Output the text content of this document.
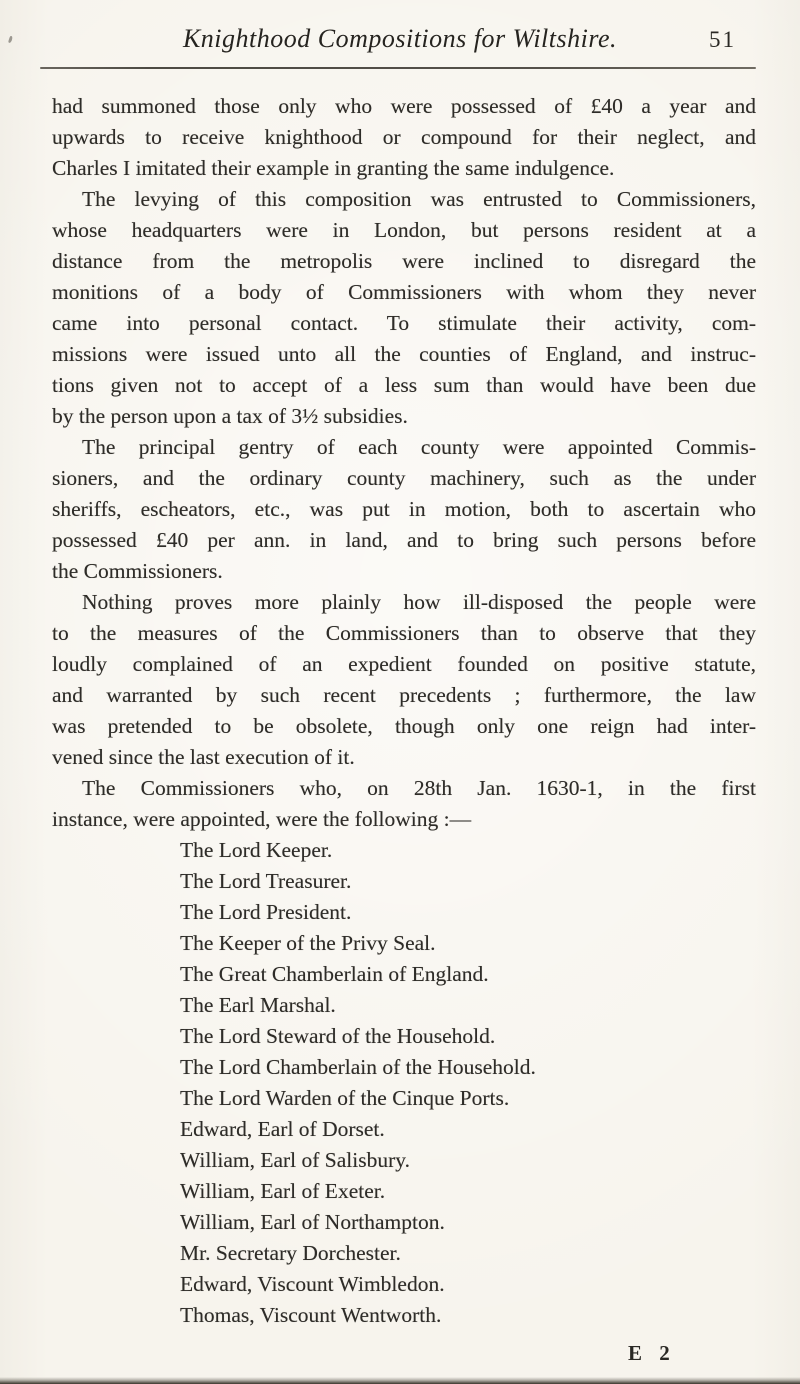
Knighthood Compositions for Wiltshire.	51
had summoned those only who were possessed of £40 a year and
upwards to receive knighthood or compound for their neglect, and
Charles I imitated their example in granting the same indulgence.
The levying of this composition was entrusted to Commissioners,
whose headquarters were in London, but persons resident at a
distance from the metropolis were inclined to disregard the
monitions of a body of Commissioners with whom they never
came into personal contact. To stimulate their activity, com-
missions were issued unto all the counties of England, and instruc-
tions given not to accept of a less sum than would have been due
by the person upon a tax of 3½ subsidies.
The principal gentry of each county were appointed Commis-
sioners, and the ordinary county machinery, such as the under
sheriffs, escheators, etc., was put in motion, both to ascertain who
possessed £40 per ann. in land, and to bring such persons before
the Commissioners.
Nothing proves more plainly how ill-disposed the people were
to the measures of the Commissioners than to observe that they
loudly complained of an expedient founded on positive statute,
and warranted by such recent precedents ; furthermore, the law
was pretended to be obsolete, though only one reign had inter-
vened since the last execution of it.
The Commissioners who, on 28th Jan. 1630-1, in the first
instance, were appointed, were the following :—
The Lord Keeper.
The Lord Treasurer.
The Lord President.
The Keeper of the Privy Seal.
The Great Chamberlain of England.
The Earl Marshal.
The Lord Steward of the Household.
The Lord Chamberlain of the Household.
The Lord Warden of the Cinque Ports.
Edward, Earl of Dorset.
William, Earl of Salisbury.
William, Earl of Exeter.
William, Earl of Northampton.
Mr. Secretary Dorchester.
Edward, Viscount Wimbledon.
Thomas, Viscount Wentworth.
E 2
